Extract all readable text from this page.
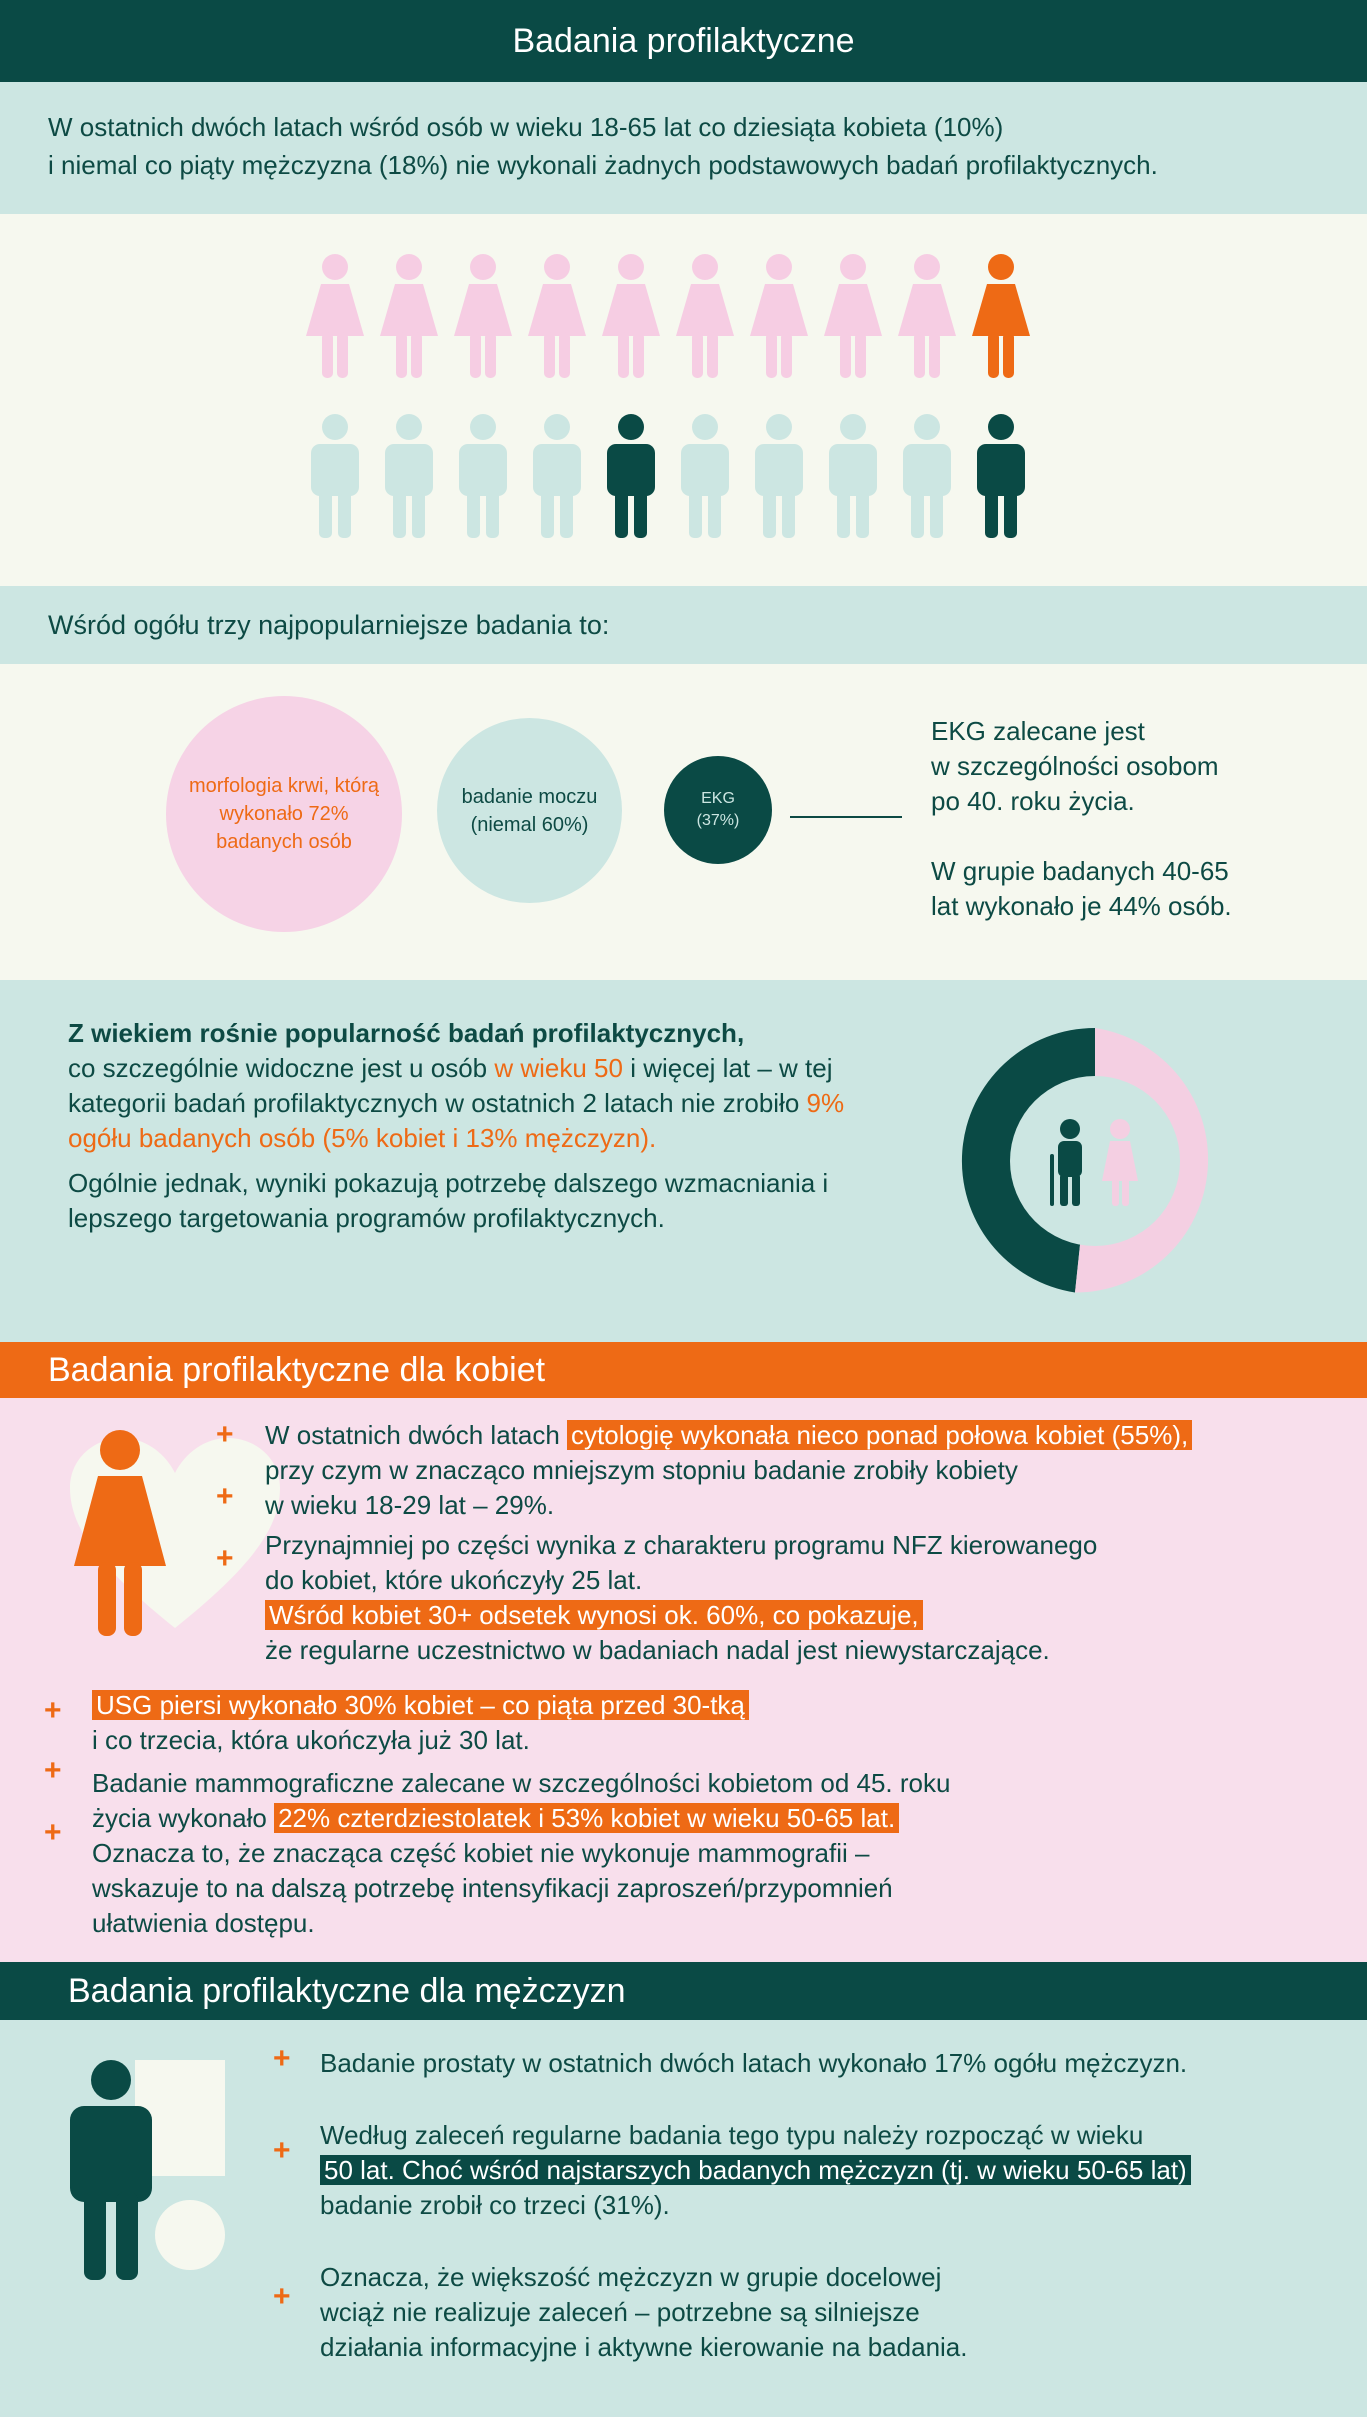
Badania profilaktyczne
W ostatnich dwóch latach wśród osób w wieku 18-65 lat co dziesiąta kobieta (10%)
i niemal co piąty mężczyzna (18%) nie wykonali żadnych podstawowych badań profilaktycznych.
Wśród ogółu trzy najpopularniejsze badania to:
morfologia krwi, którą wykonało 72% badanych osób
badanie moczu (niemal 60%)
EKG
(37%)
EKG zalecane jest
w szczególności osobom
po 40. roku życia.
W grupie badanych 40-65
lat wykonało je 44% osób.

Z wiekiem rośnie popularność badań profilaktycznych,
co szczególnie widoczne jest u osób w wieku 50 i więcej lat – w tej kategorii badań profilaktycznych w ostatnich 2 latach nie zrobiło 9% ogółu badanych osób (5% kobiet i 13% mężczyzn).

Ogólnie jednak, wyniki pokazują potrzebę dalszego wzmacniania i lepszego targetowania programów profilaktycznych.

Badania profilaktyczne dla kobiet
+
+
+
+
+
+
W ostatnich dwóch latach cytologię wykonała nieco ponad połowa kobiet (55%),
przy czym w znacząco mniejszym stopniu badanie zrobiły kobiety
w wieku 18-29 lat – 29%.
Przynajmniej po części wynika z charakteru programu NFZ kierowanego
do kobiet, które ukończyły 25 lat.
Wśród kobiet 30+ odsetek wynosi ok. 60%, co pokazuje,
że regularne uczestnictwo w badaniach nadal jest niewystarczające.
USG piersi wykonało 30% kobiet – co piąta przed 30-tką
i co trzecia, która ukończyła już 30 lat.
Badanie mammograficzne zalecane w szczególności kobietom od 45. roku
życia wykonało 22% czterdziestolatek i 53% kobiet w wieku 50-65 lat.
Oznacza to, że znacząca część kobiet nie wykonuje mammografii –
wskazuje to na dalszą potrzebę intensyfikacji zaproszeń/przypomnień
ułatwienia dostępu.
Badania profilaktyczne dla mężczyzn
+
+
+
Badanie prostaty w ostatnich dwóch latach wykonało 17% ogółu mężczyzn.
Według zaleceń regularne badania tego typu należy rozpocząć w wieku
50 lat. Choć wśród najstarszych badanych mężczyzn (tj. w wieku 50-65 lat)
badanie zrobił co trzeci (31%).
Oznacza, że większość mężczyzn w grupie docelowej
wciąż nie realizuje zaleceń – potrzebne są silniejsze
działania informacyjne i aktywne kierowanie na badania.
